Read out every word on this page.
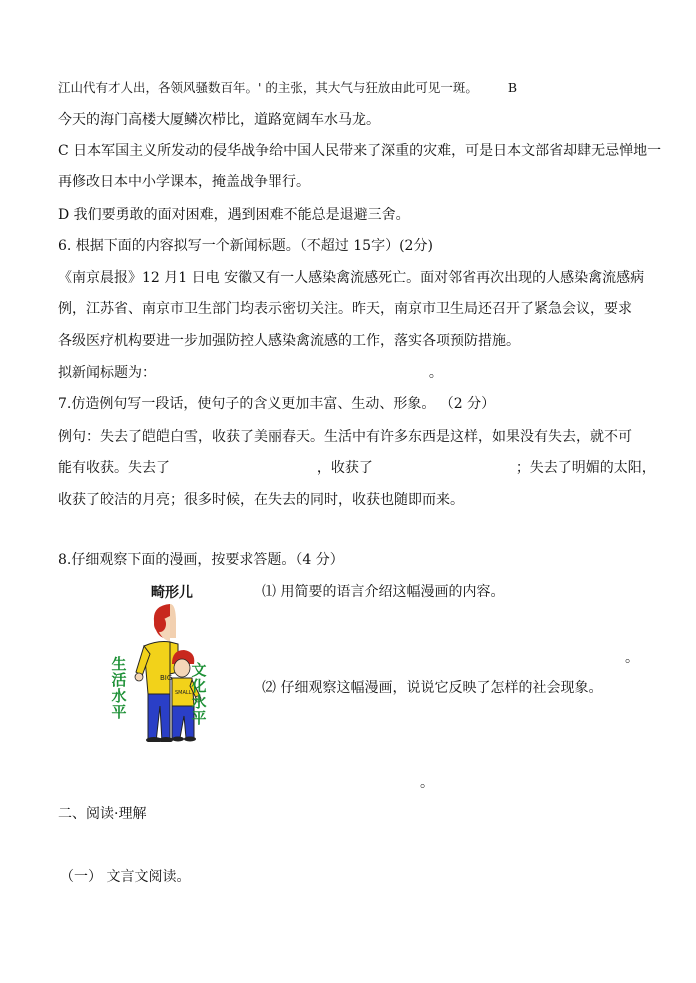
江山代有才人出，各领风骚数百年。' 的主张，其大气与狂放由此可见一斑。 B
今天的海门高楼大厦鳞次栉比，道路宽阔车水马龙。
C 日本军国主义所发动的侵华战争给中国人民带来了深重的灾难，可是日本文部省却肆无忌惮地一
再修改日本中小学课本，掩盖战争罪行。
D 我们要勇敢的面对困难，遇到困难不能总是退避三舍。
6. 根据下面的内容拟写一个新闻标题。（不超过 15字）(2分)
《南京晨报》12 月1 日电 安徽又有一人感染禽流感死亡。面对邻省再次出现的人感染禽流感病
例，江苏省、南京市卫生部门均表示密切关注。昨天，南京市卫生局还召开了紧急会议，要求
各级医疗机构要进一步加强防控人感染禽流感的工作，落实各项预防措施。
拟新闻标题为：	。
7.仿造例句写一段话，使句子的含义更加丰富、生动、形象。 （2 分）
例句：失去了皑皑白雪，收获了美丽春天。生活中有许多东西是这样，如果没有失去，就不可
能有收获。失去了	，收获了	；失去了明媚的太阳，
收获了皎洁的月亮；很多时候，在失去的同时，收获也随即而来。
8.仔细观察下面的漫画，按要求答题。（4 分）
畸形儿
BIG
SMALL
生活水平
文化水平
⑴ 用简要的语言介绍这幅漫画的内容。
。
⑵ 仔细观察这幅漫画，说说它反映了怎样的社会现象。
。
二、阅读·理解
（一） 文言文阅读。
